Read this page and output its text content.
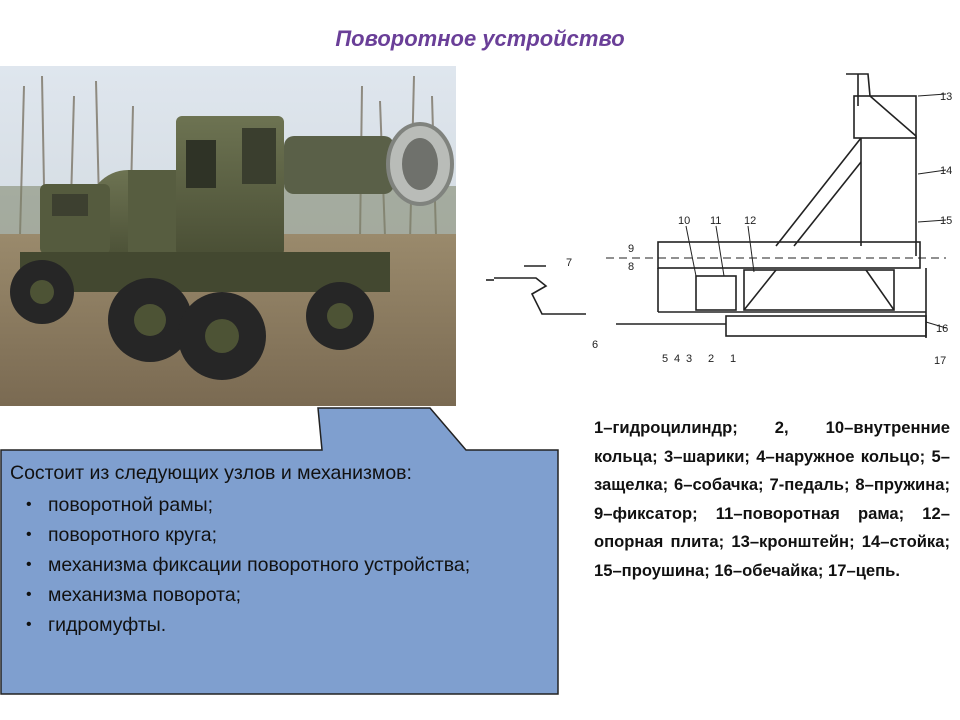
Поворотное устройство
13
14
15
16
17
10 11 12
9
8
7
6
5 4 3 2 1
Состоит из следующих узлов и механизмов:
• поворотной рамы;
• поворотного круга;
• механизма фиксации поворотного устройства;
• механизма поворота;
• гидромуфты.
1–гидроцилиндр; 2, 10–внутренние кольца; 3–шарики; 4–наружное кольцо; 5–защелка; 6–собачка; 7-педаль; 8–пружина; 9–фиксатор; 11–поворотная рама; 12–опорная плита; 13–кронштейн; 14–стойка; 15–проушина; 16–обечайка; 17–цепь.
